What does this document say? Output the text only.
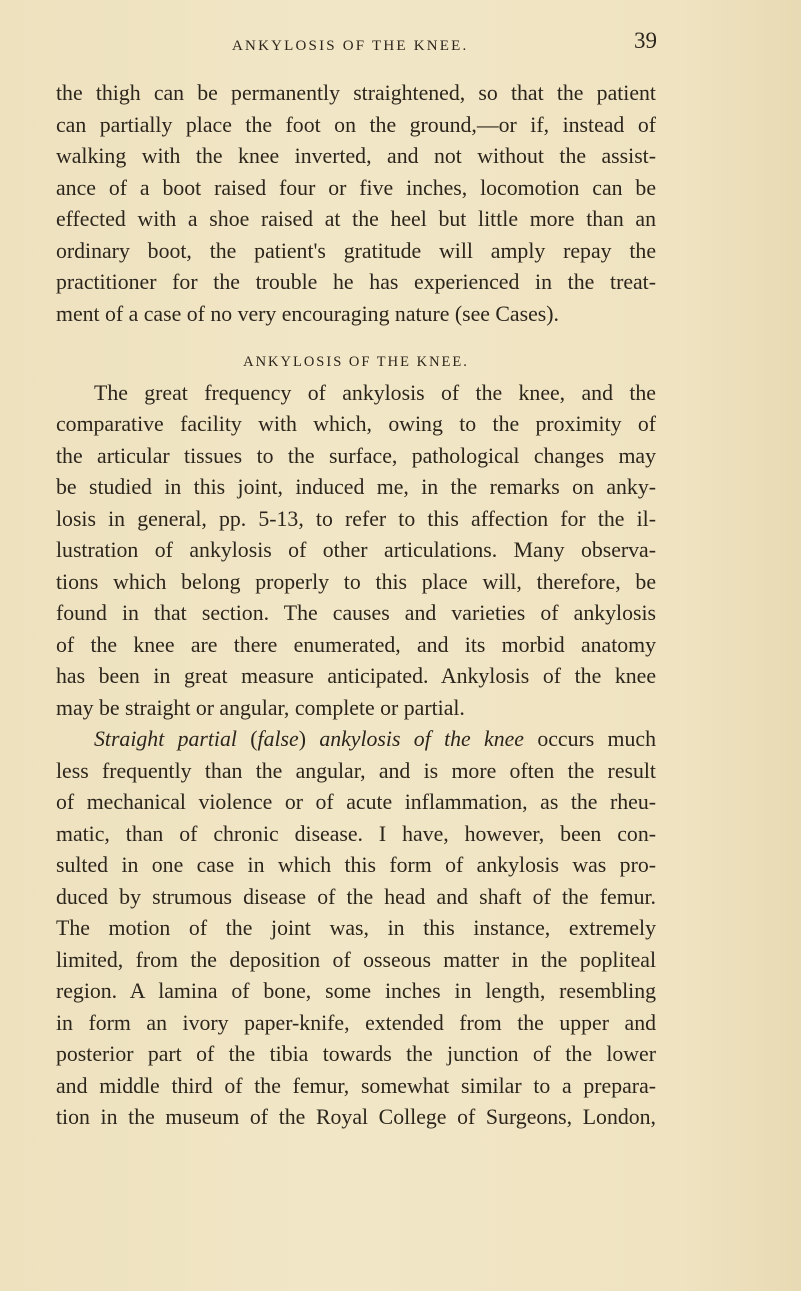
ANKYLOSIS OF THE KNEE.	39
the thigh can be permanently straightened, so that the patient
can partially place the foot on the ground,—or if, instead of
walking with the knee inverted, and not without the assist-
ance of a boot raised four or five inches, locomotion can be
effected with a shoe raised at the heel but little more than an
ordinary boot, the patient's gratitude will amply repay the
practitioner for the trouble he has experienced in the treat-
ment of a case of no very encouraging nature (see Cases).
ANKYLOSIS OF THE KNEE.
The great frequency of ankylosis of the knee, and the
comparative facility with which, owing to the proximity of
the articular tissues to the surface, pathological changes may
be studied in this joint, induced me, in the remarks on anky-
losis in general, pp. 5-13, to refer to this affection for the il-
lustration of ankylosis of other articulations. Many observa-
tions which belong properly to this place will, therefore, be
found in that section. The causes and varieties of ankylosis
of the knee are there enumerated, and its morbid anatomy
has been in great measure anticipated. Ankylosis of the knee
may be straight or angular, complete or partial.
Straight partial (false) ankylosis of the knee occurs much
less frequently than the angular, and is more often the result
of mechanical violence or of acute inflammation, as the rheu-
matic, than of chronic disease. I have, however, been con-
sulted in one case in which this form of ankylosis was pro-
duced by strumous disease of the head and shaft of the femur.
The motion of the joint was, in this instance, extremely
limited, from the deposition of osseous matter in the popliteal
region. A lamina of bone, some inches in length, resembling
in form an ivory paper-knife, extended from the upper and
posterior part of the tibia towards the junction of the lower
and middle third of the femur, somewhat similar to a prepara-
tion in the museum of the Royal College of Surgeons, London,
